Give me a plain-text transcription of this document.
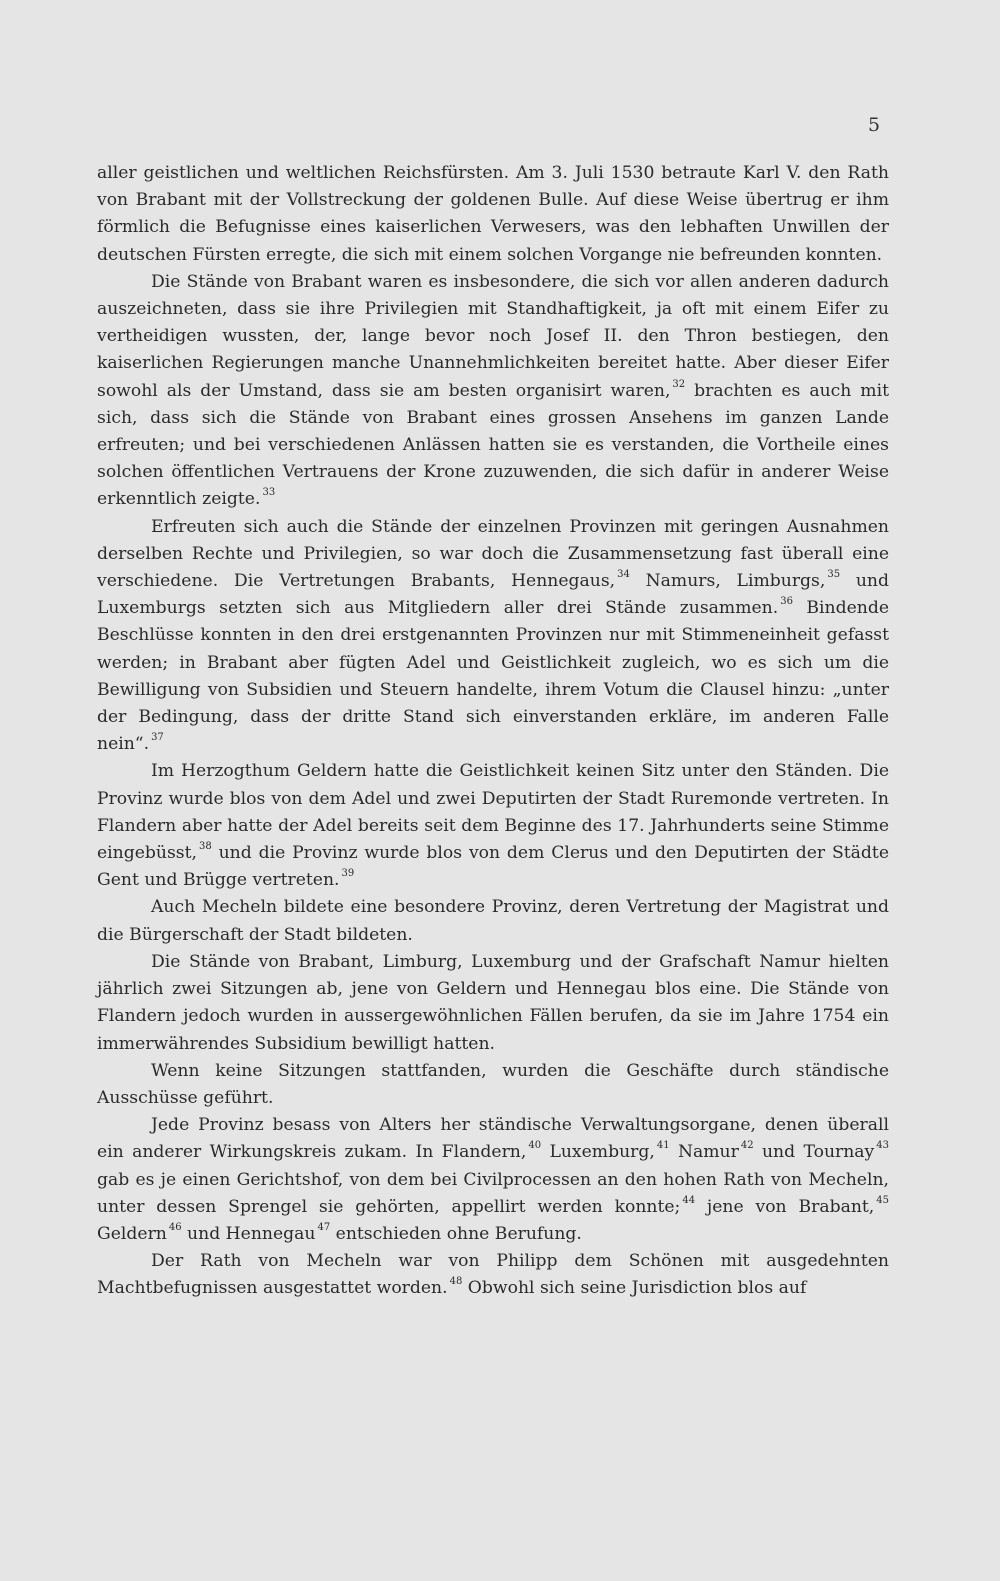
5

aller geistlichen und weltlichen Reichsfürsten. Am 3. Juli 1530 betraute Karl V. den Rath von Brabant mit der Vollstreckung der goldenen Bulle. Auf diese Weise übertrug er ihm förmlich die Befugnisse eines kaiserlichen Verwesers, was den lebhaften Unwillen der deutschen Fürsten erregte, die sich mit einem solchen Vorgange nie befreunden konnten.

Die Stände von Brabant waren es insbesondere, die sich vor allen anderen dadurch auszeichneten, dass sie ihre Privilegien mit Standhaftigkeit, ja oft mit einem Eifer zu vertheidigen wussten, der, lange bevor noch Josef II. den Thron bestiegen, den kaiserlichen Regierungen manche Unannehmlichkeiten bereitet hatte. Aber dieser Eifer sowohl als der Umstand, dass sie am besten organisirt waren, $^{32}$ brachten es auch mit sich, dass sich die Stände von Brabant eines grossen Ansehens im ganzen Lande erfreuten; und bei verschiedenen Anlässen hatten sie es verstanden, die Vortheile eines solchen öffentlichen Vertrauens der Krone zuzuwenden, die sich dafür in anderer Weise erkenntlich zeigte. $^{33}$

Erfreuten sich auch die Stände der einzelnen Provinzen mit geringen Ausnahmen derselben Rechte und Privilegien, so war doch die Zusammensetzung fast überall eine verschiedene. Die Vertretungen Brabants, Hennegaus, $^{34}$ Namurs, Limburgs, $^{35}$ und Luxemburgs setzten sich aus Mitgliedern aller drei Stände zusammen. $^{36}$ Bindende Beschlüsse konnten in den drei erstgenannten Provinzen nur mit Stimmeneinheit gefasst werden; in Brabant aber fügten Adel und Geistlichkeit zugleich, wo es sich um die Bewilligung von Subsidien und Steuern handelte, ihrem Votum die Clausel hinzu: „unter der Bedingung, dass der dritte Stand sich einverstanden erkläre, im anderen Falle nein“. $^{37}$

Im Herzogthum Geldern hatte die Geistlichkeit keinen Sitz unter den Ständen. Die Provinz wurde blos von dem Adel und zwei Deputirten der Stadt Ruremonde vertreten. In Flandern aber hatte der Adel bereits seit dem Beginne des 17. Jahrhunderts seine Stimme eingebüsst, $^{38}$ und die Provinz wurde blos von dem Clerus und den Deputirten der Städte Gent und Brügge vertreten. $^{39}$

Auch Mecheln bildete eine besondere Provinz, deren Vertretung der Magistrat und die Bürgerschaft der Stadt bildeten.

Die Stände von Brabant, Limburg, Luxemburg und der Grafschaft Namur hielten jährlich zwei Sitzungen ab, jene von Geldern und Hennegau blos eine. Die Stände von Flandern jedoch wurden in aussergewöhnlichen Fällen berufen, da sie im Jahre 1754 ein immerwährendes Subsidium bewilligt hatten.

Wenn keine Sitzungen stattfanden, wurden die Geschäfte durch ständische Ausschüsse geführt.

Jede Provinz besass von Alters her ständische Verwaltungsorgane, denen überall ein anderer Wirkungskreis zukam. In Flandern, $^{40}$ Luxemburg, $^{41}$ Namur $^{42}$ und Tournay $^{43}$ gab es je einen Gerichtshof, von dem bei Civilprocessen an den hohen Rath von Mecheln, unter dessen Sprengel sie gehörten, appellirt werden konnte; $^{44}$ jene von Brabant, $^{45}$ Geldern $^{46}$ und Hennegau $^{47}$ entschieden ohne Berufung.

Der Rath von Mecheln war von Philipp dem Schönen mit ausgedehnten Machtbefugnissen ausgestattet worden. $^{48}$ Obwohl sich seine Jurisdiction blos auf
